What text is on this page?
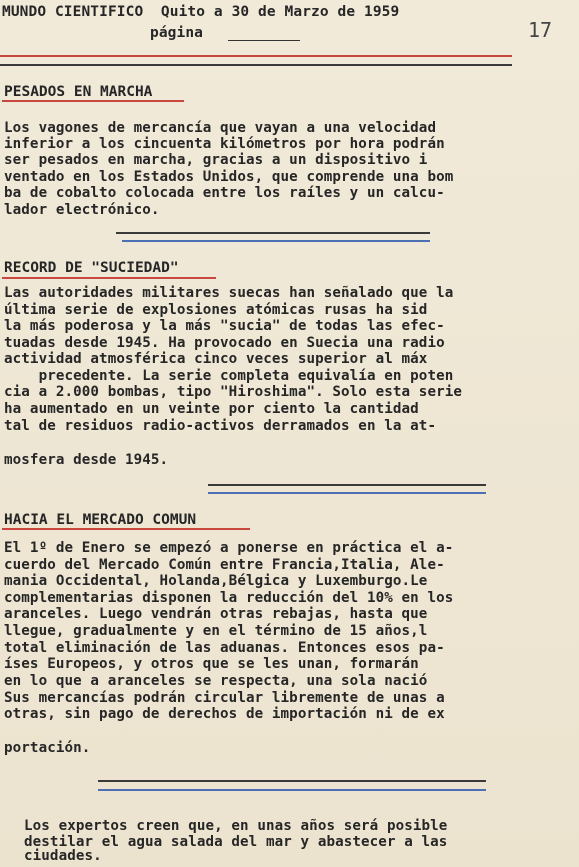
MUNDO CIENTIFICO  Quito a 30 de Marzo de 1959
página	17
PESADOS EN MARCHA
Los vagones de mercancía que vayan a una velocidad
inferior a los cincuenta kilómetros por hora podrán
ser pesados en marcha, gracias a un dispositivo i
ventado en los Estados Unidos, que comprende una bom
ba de cobalto colocada entre los raíles y un calcu-
lador electrónico.
RECORD DE "SUCIEDAD"
Las autoridades militares suecas han señalado que la
última serie de explosiones atómicas rusas ha sid
la más poderosa y la más "sucia" de todas las efec-
tuadas desde 1945. Ha provocado en Suecia una radio
actividad atmosférica cinco veces superior al máx
precedente. La serie completa equivalía en poten
cia a 2.000 bombas, tipo "Hiroshima". Solo esta serie
ha aumentado en un veinte por ciento la cantidad
tal de residuos radio-activos derramados en la at-
mosfera desde 1945.
HACIA EL MERCADO COMUN
El 1º de Enero se empezó a ponerse en práctica el a-
cuerdo del Mercado Común entre Francia,Italia, Ale-
mania Occidental, Holanda,Bélgica y Luxemburgo.Le
complementarias disponen la reducción del 10% en los
aranceles. Luego vendrán otras rebajas, hasta que
llegue, gradualmente y en el término de 15 años,l
total eliminación de las aduanas. Entonces esos pa-
íses Europeos, y otros que se les unan, formarán
en lo que a aranceles se respecta, una sola nació
Sus mercancías podrán circular libremente de unas a
otras, sin pago de derechos de importación ni de ex
portación.
Los expertos creen que, en unas años será posible
destilar el agua salada del mar y abastecer a las
ciudades.
